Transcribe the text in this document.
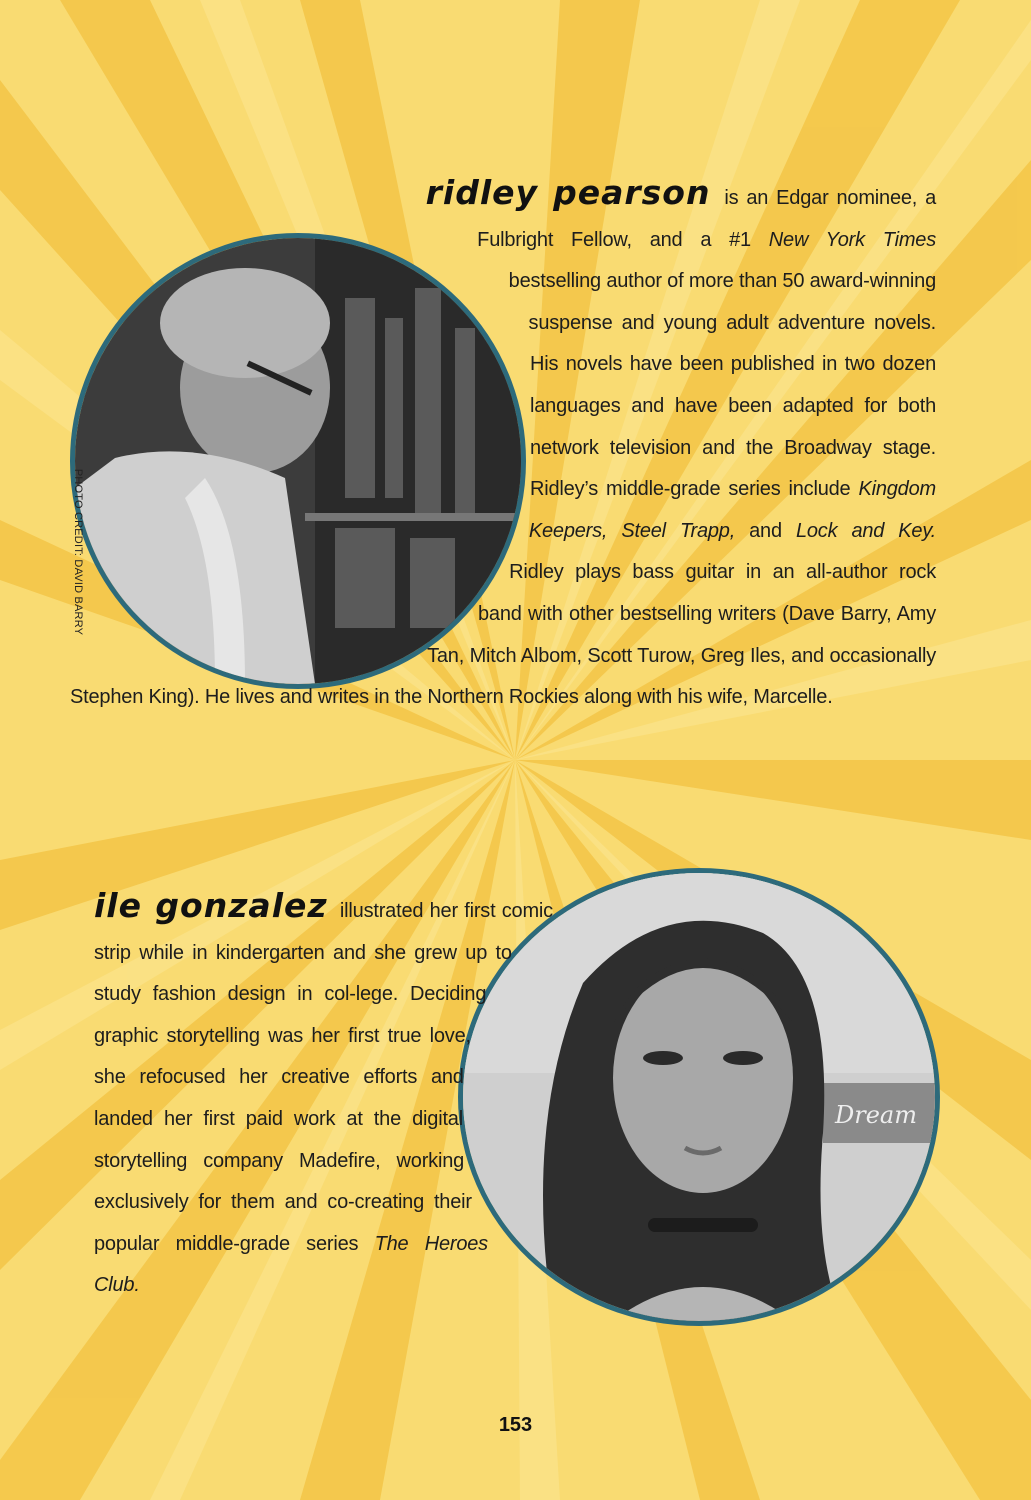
PHOTO CREDIT: DAVID BARRY
ridley pearson is an Edgar nominee, a Fulbright Fellow, and a #1 New York Times bestselling author of more than 50 award-winning suspense and young adult adventure novels. His novels have been published in two dozen languages and have been adapted for both network television and the Broadway stage. Ridley’s middle-grade series include Kingdom Keepers, Steel Trapp, and Lock and Key. Ridley plays bass guitar in an all-author rock band with other bestselling writers (Dave Barry, Amy Tan, Mitch Albom, Scott Turow, Greg Iles, and occasionally Stephen King). He lives and writes in the Northern Rockies along with his wife, Marcelle.
Dream
ile gonzalez illustrated her first comic strip while in kindergarten and she grew up to study fashion design in col-lege. Deciding graphic storytelling was her first true love, she refocused her creative efforts and landed her first paid work at the digital storytelling company Madefire, working exclusively for them and co-creating their popular middle-grade series The Heroes Club.
153
